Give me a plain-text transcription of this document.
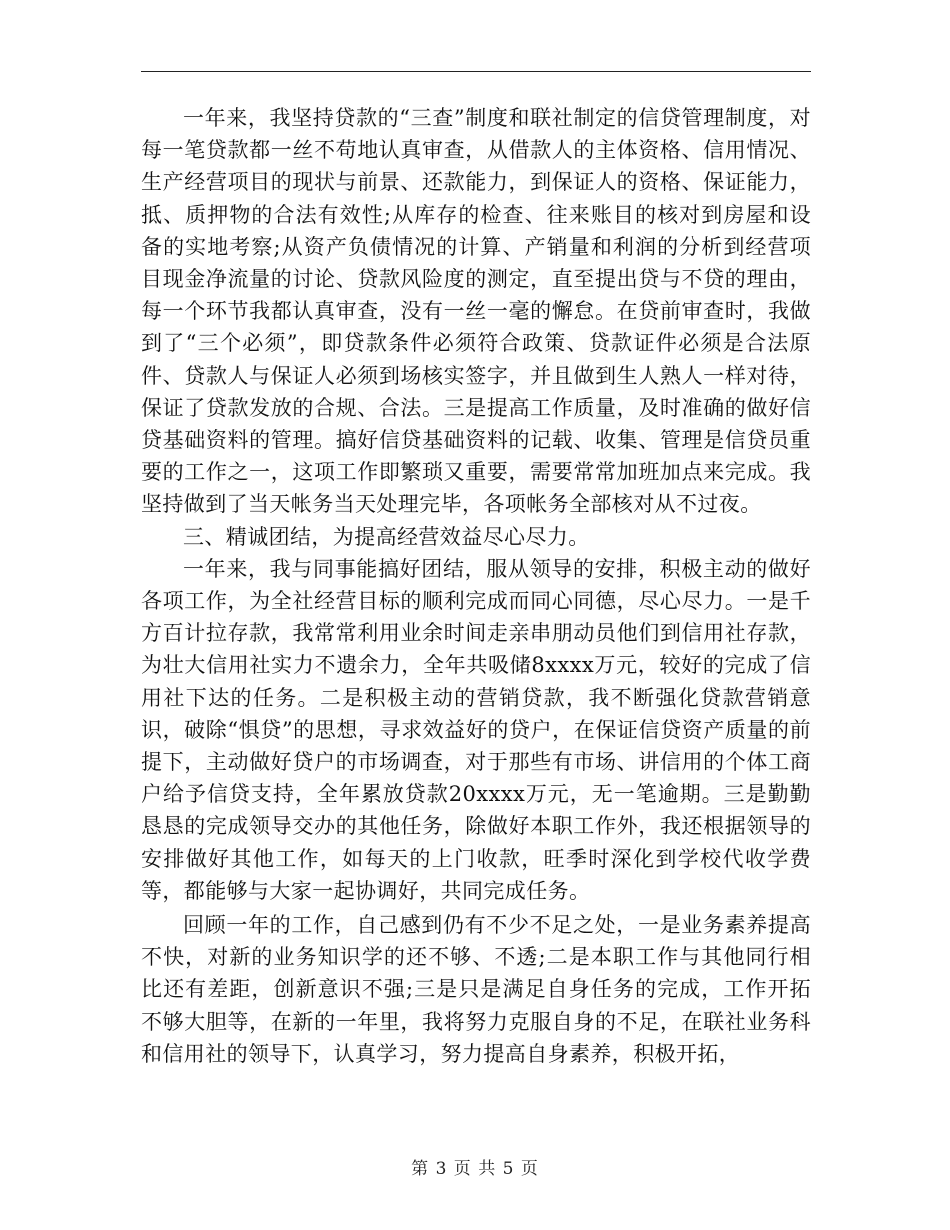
一年来，我坚持贷款的“三查”制度和联社制定的信贷管理制度，对每一笔贷款都一丝不苟地认真审查，从借款人的主体资格、信用情况、生产经营项目的现状与前景、还款能力，到保证人的资格、保证能力，抵、质押物的合法有效性;从库存的检查、往来账目的核对到房屋和设备的实地考察;从资产负债情况的计算、产销量和利润的分析到经营项目现金净流量的讨论、贷款风险度的测定，直至提出贷与不贷的理由，每一个环节我都认真审查，没有一丝一毫的懈怠。在贷前审查时，我做到了“三个必须”，即贷款条件必须符合政策、贷款证件必须是合法原件、贷款人与保证人必须到场核实签字，并且做到生人熟人一样对待，保证了贷款发放的合规、合法。三是提高工作质量，及时准确的做好信贷基础资料的管理。搞好信贷基础资料的记载、收集、管理是信贷员重要的工作之一，这项工作即繁琐又重要，需要常常加班加点来完成。我坚持做到了当天帐务当天处理完毕，各项帐务全部核对从不过夜。

三、精诚团结，为提高经营效益尽心尽力。

一年来，我与同事能搞好团结，服从领导的安排，积极主动的做好各项工作，为全社经营目标的顺利完成而同心同德，尽心尽力。一是千方百计拉存款，我常常利用业余时间走亲串朋动员他们到信用社存款，为壮大信用社实力不遗余力，全年共吸储8xxxx万元，较好的完成了信用社下达的任务。二是积极主动的营销贷款，我不断强化贷款营销意识，破除“惧贷”的思想，寻求效益好的贷户，在保证信贷资产质量的前提下，主动做好贷户的市场调查，对于那些有市场、讲信用的个体工商户给予信贷支持，全年累放贷款20xxxx万元，无一笔逾期。三是勤勤恳恳的完成领导交办的其他任务，除做好本职工作外，我还根据领导的安排做好其他工作，如每天的上门收款，旺季时深化到学校代收学费等，都能够与大家一起协调好，共同完成任务。

回顾一年的工作，自己感到仍有不少不足之处，一是业务素养提高不快，对新的业务知识学的还不够、不透;二是本职工作与其他同行相比还有差距，创新意识不强;三是只是满足自身任务的完成，工作开拓不够大胆等，在新的一年里，我将努力克服自身的不足，在联社业务科和信用社的领导下，认真学习，努力提高自身素养，积极开拓，

第 3 页 共 5 页
